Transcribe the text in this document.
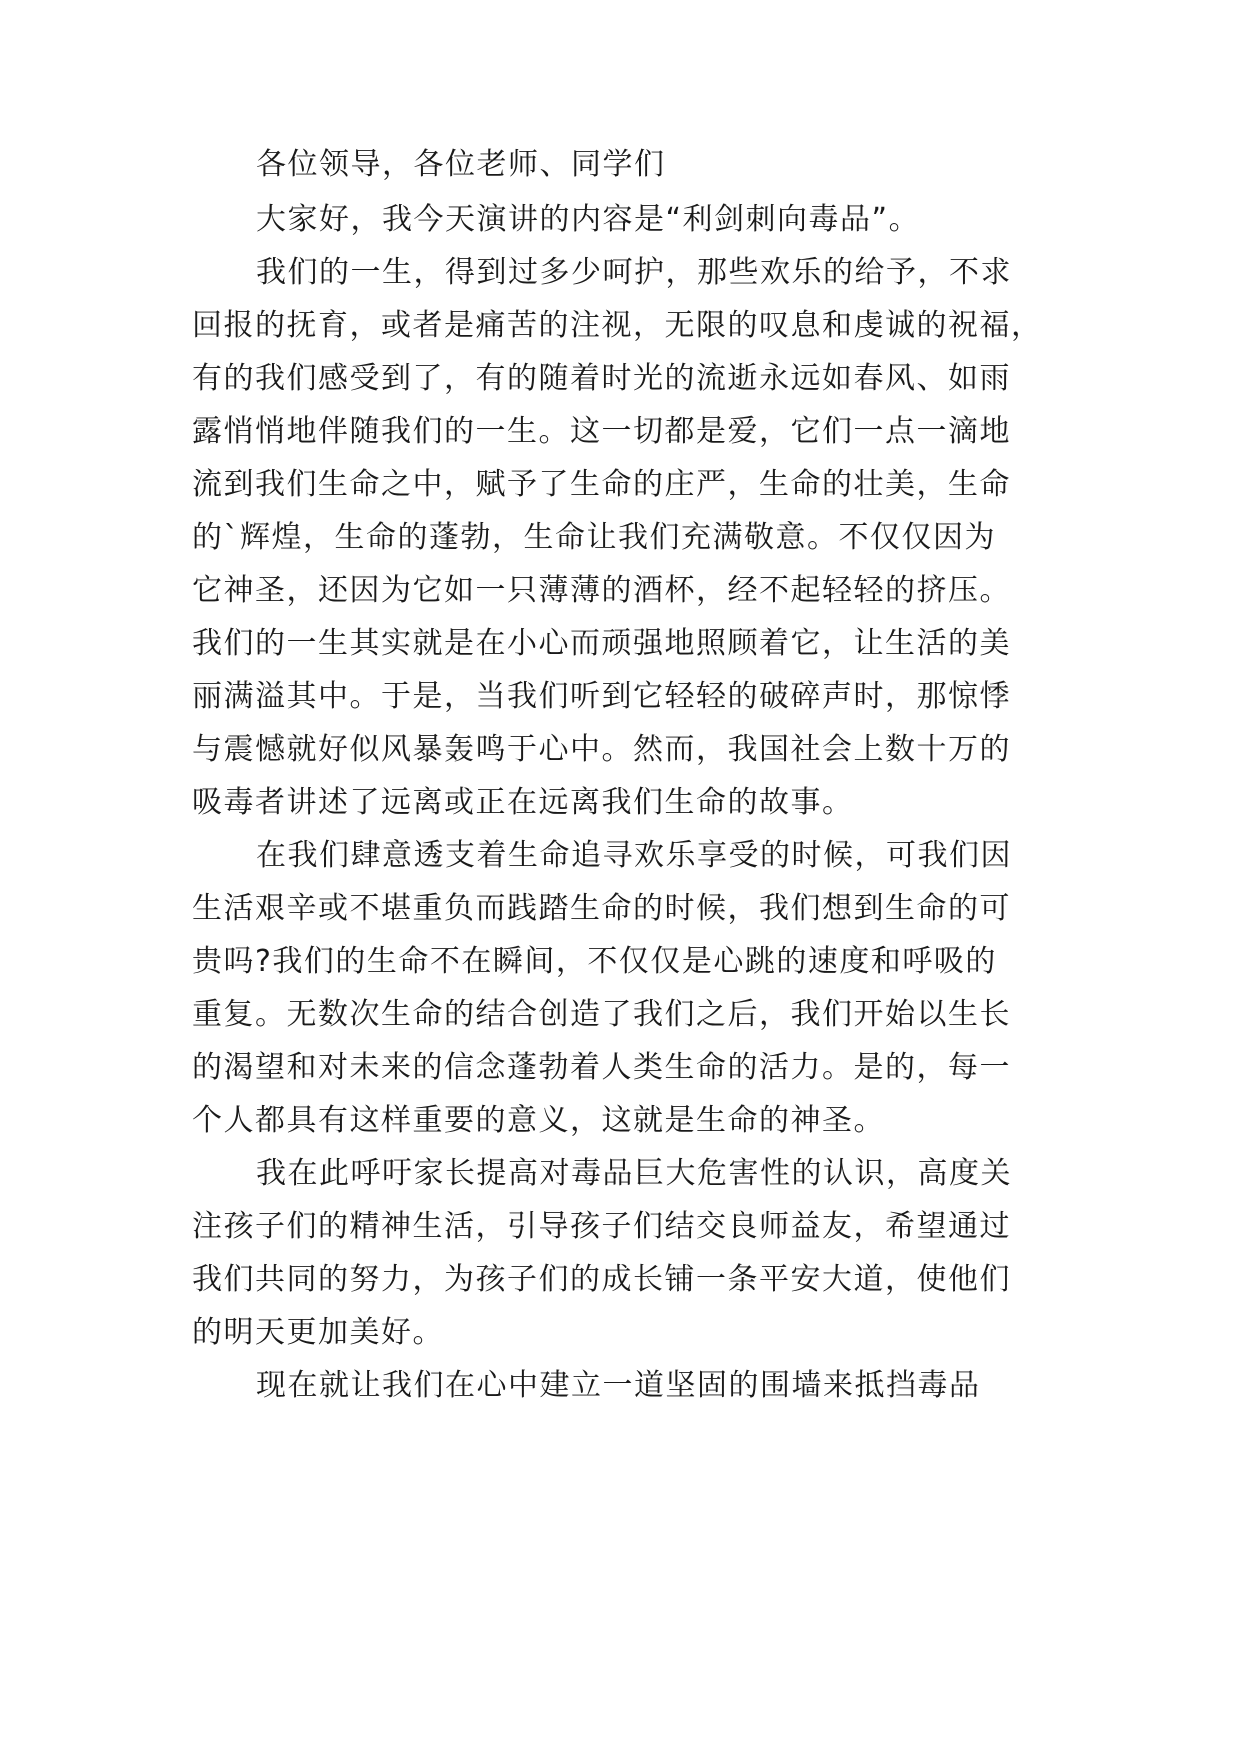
各位领导，各位老师、同学们
大家好，我今天演讲的内容是“利剑刺向毒品”。
我们的一生，得到过多少呵护，那些欢乐的给予，不求
回报的抚育，或者是痛苦的注视，无限的叹息和虔诚的祝福，
有的我们感受到了，有的随着时光的流逝永远如春风、如雨
露悄悄地伴随我们的一生。这一切都是爱，它们一点一滴地
流到我们生命之中，赋予了生命的庄严，生命的壮美，生命
的`辉煌，生命的蓬勃，生命让我们充满敬意。不仅仅因为
它神圣，还因为它如一只薄薄的酒杯，经不起轻轻的挤压。
我们的一生其实就是在小心而顽强地照顾着它，让生活的美
丽满溢其中。于是，当我们听到它轻轻的破碎声时，那惊悸
与震憾就好似风暴轰鸣于心中。然而，我国社会上数十万的
吸毒者讲述了远离或正在远离我们生命的故事。
在我们肆意透支着生命追寻欢乐享受的时候，可我们因
生活艰辛或不堪重负而践踏生命的时候，我们想到生命的可
贵吗?我们的生命不在瞬间，不仅仅是心跳的速度和呼吸的
重复。无数次生命的结合创造了我们之后，我们开始以生长
的渴望和对未来的信念蓬勃着人类生命的活力。是的，每一
个人都具有这样重要的意义，这就是生命的神圣。
我在此呼吁家长提高对毒品巨大危害性的认识，高度关
注孩子们的精神生活，引导孩子们结交良师益友，希望通过
我们共同的努力，为孩子们的成长铺一条平安大道，使他们
的明天更加美好。
现在就让我们在心中建立一道坚固的围墙来抵挡毒品
